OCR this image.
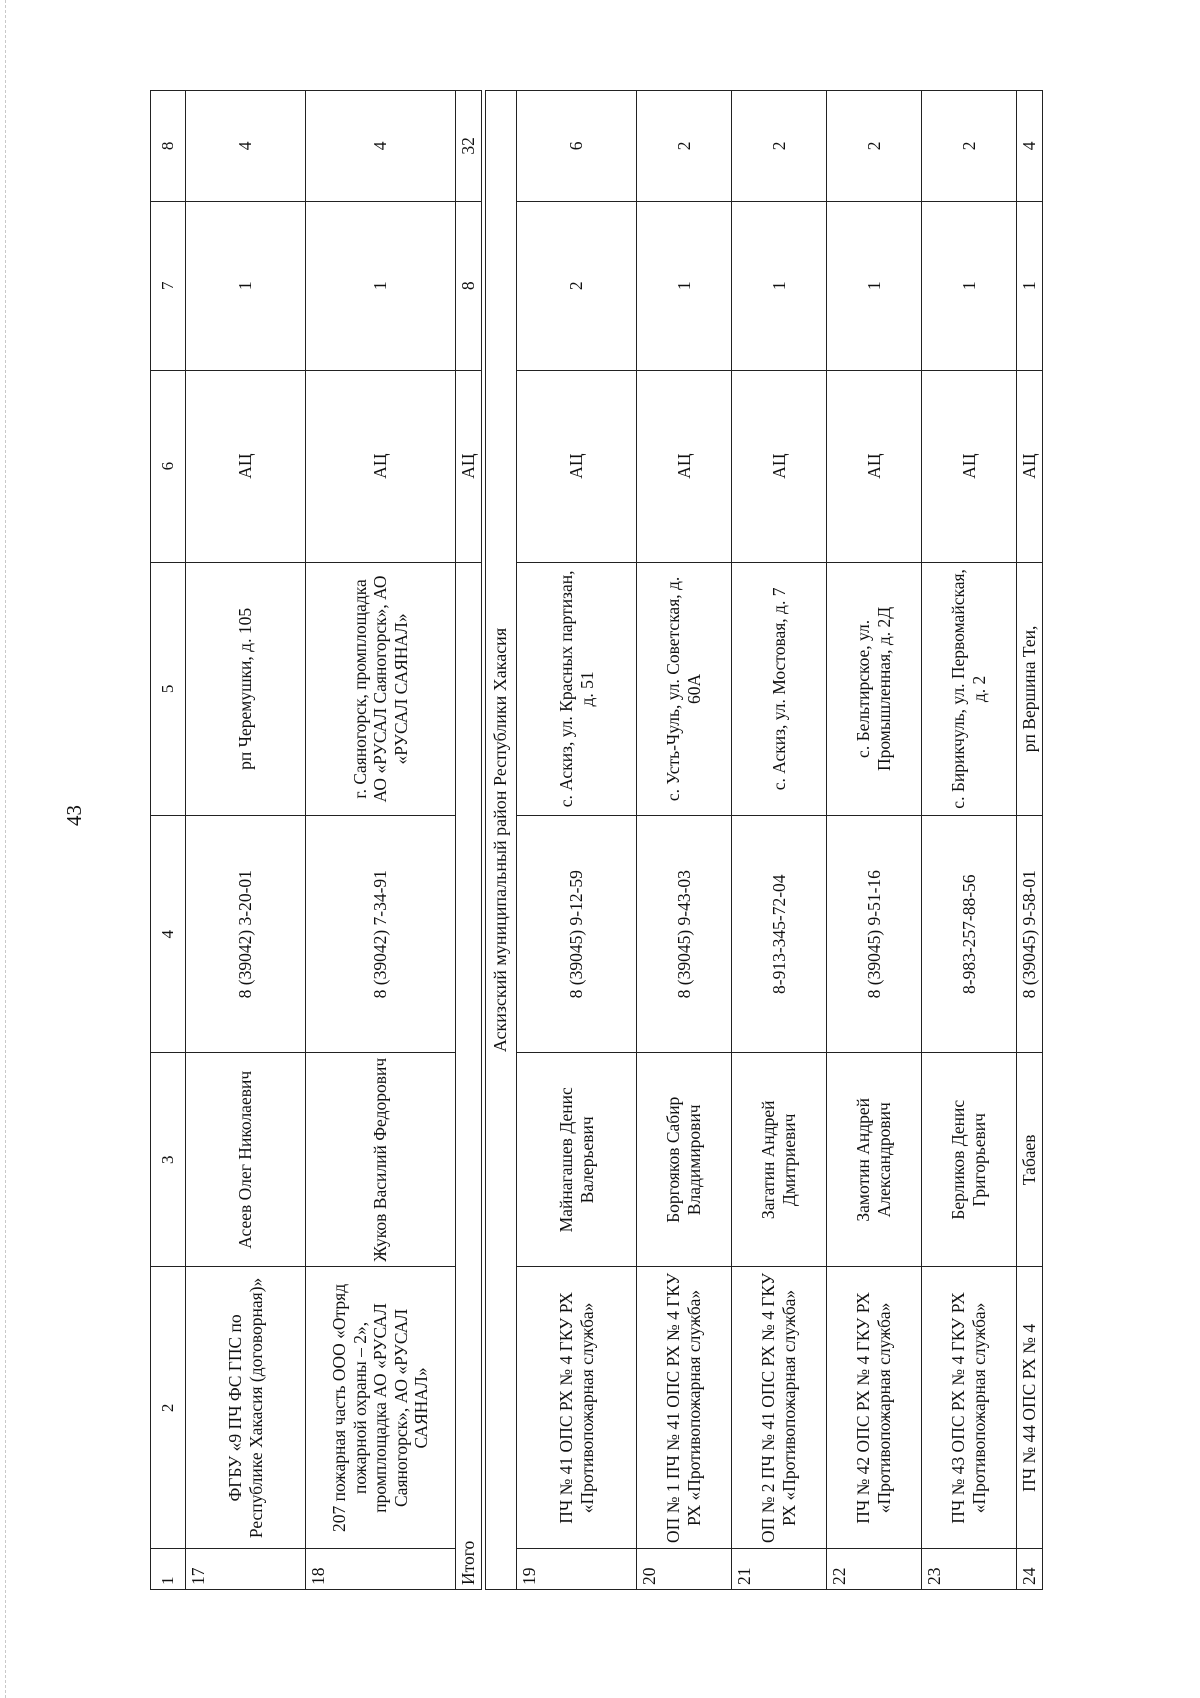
43
1	2	3	4	5	6	7	8
17	ФГБУ «9 ПЧ ФС ГПС по Республике Хакасия (договорная)»	Асеев Олег Николаевич	8 (39042) 3-20-01	рп Черемушки, д. 105	АЦ	1	4
18	207 пожарная часть ООО «Отряд пожарной охраны – 2», промплощадка АО «РУСАЛ Саяногорск», АО «РУСАЛ САЯНАЛ»	Жуков Василий Федорович	8 (39042) 7-34-91	г. Саяногорск, промплощадка АО «РУСАЛ Саяногорск», АО «РУСАЛ САЯНАЛ»	АЦ	1	4
Итого					АЦ	8	32

Аскизский муниципальный район Республики Хакасия							
19	ПЧ № 41 ОПС РХ № 4 ГКУ РХ «Противопожарная служба»	Майнагашев Денис Валерьевич	8 (39045) 9-12-59	с. Аскиз, ул. Красных партизан, д. 51	АЦ	2	6
20	ОП № 1 ПЧ № 41 ОПС РХ № 4 ГКУ РХ «Противопожарная служба»	Боргояков Сабир Владимирович	8 (39045) 9-43-03	с. Усть-Чуль, ул. Советская, д. 60А	АЦ	1	2
21	ОП № 2 ПЧ № 41 ОПС РХ № 4 ГКУ РХ «Противопожарная служба»	Загатин Андрей Дмитриевич	8-913-345-72-04	с. Аскиз, ул. Мостовая, д. 7	АЦ	1	2
22	ПЧ № 42 ОПС РХ № 4 ГКУ РХ «Противопожарная служба»	Замотин Андрей Александрович	8 (39045) 9-51-16	с. Бельтирское, ул. Промышленная, д. 2Д	АЦ	1	2
23	ПЧ № 43 ОПС РХ № 4 ГКУ РХ «Противопожарная служба»	Берликов Денис Григорьевич	8-983-257-88-56	с. Бирикчуль, ул. Первомайская, д. 2	АЦ	1	2
24	ПЧ № 44 ОПС РХ № 4	Табаев	8 (39045) 9-58-01	рп Вершина Теи,	АЦ	1	4
